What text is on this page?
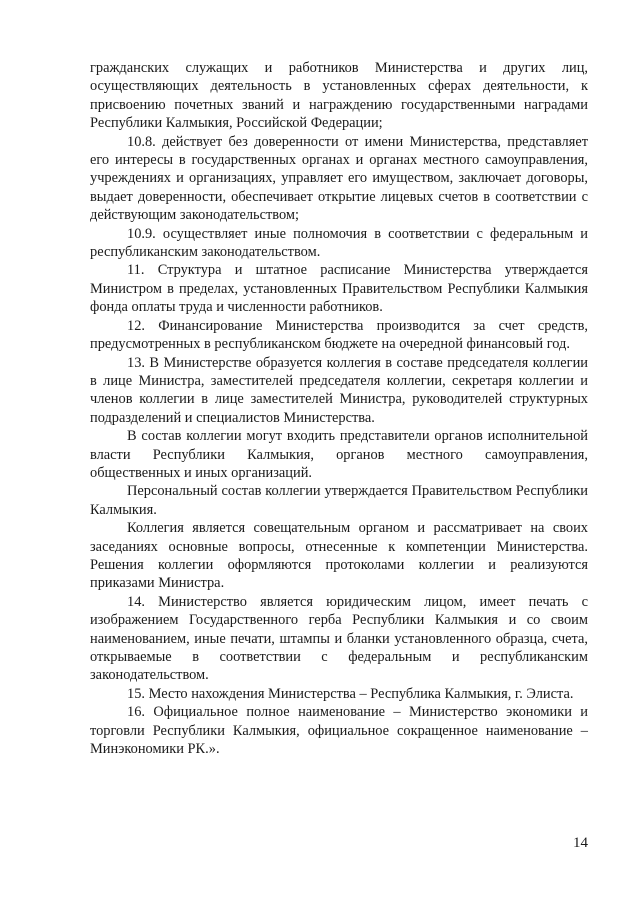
гражданских служащих и работников Министерства и других лиц, осуществляющих деятельность в установленных сферах деятельности, к присвоению почетных званий и награждению государственными наградами Республики Калмыкия, Российской Федерации;

10.8. действует без доверенности от имени Министерства, представляет его интересы в государственных органах и органах местного самоуправления, учреждениях и организациях, управляет его имуществом, заключает договоры, выдает доверенности, обеспечивает открытие лицевых счетов в соответствии с действующим законодательством;

10.9. осуществляет иные полномочия в соответствии с федеральным и республиканским законодательством.

11. Структура и штатное расписание Министерства утверждается Министром в пределах, установленных Правительством Республики Калмыкия фонда оплаты труда и численности работников.

12. Финансирование Министерства производится за счет средств, предусмотренных в республиканском бюджете на очередной финансовый год.

13. В Министерстве образуется коллегия в составе председателя коллегии в лице Министра, заместителей председателя коллегии, секретаря коллегии и членов коллегии в лице заместителей Министра, руководителей структурных подразделений и специалистов Министерства.

В состав коллегии могут входить представители органов исполнительной власти Республики Калмыкия, органов местного самоуправления, общественных и иных организаций.

Персональный состав коллегии утверждается Правительством Республики Калмыкия.

Коллегия является совещательным органом и рассматривает на своих заседаниях основные вопросы, отнесенные к компетенции Министерства. Решения коллегии оформляются протоколами коллегии и реализуются приказами Министра.

14. Министерство является юридическим лицом, имеет печать с изображением Государственного герба Республики Калмыкия и со своим наименованием, иные печати, штампы и бланки установленного образца, счета, открываемые в соответствии с федеральным и республиканским законодательством.

15. Место нахождения Министерства – Республика Калмыкия, г. Элиста.

16. Официальное полное наименование – Министерство экономики и торговли Республики Калмыкия, официальное сокращенное наименование – Минэкономики РК.».

14
